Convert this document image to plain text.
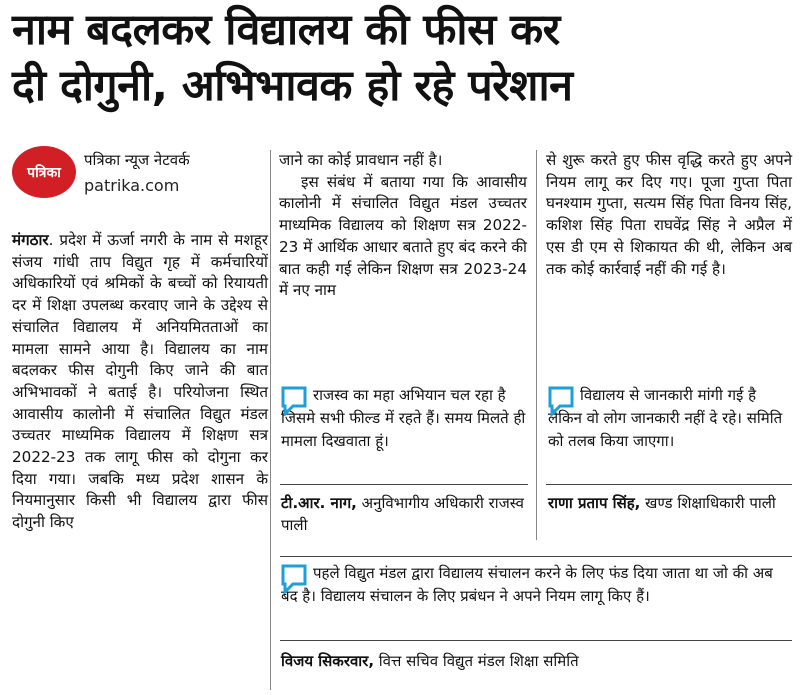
नाम बदलकर विद्यालय की फीस कर
दी दोगुनी, अभिभावक हो रहे परेशान
पत्रिका
पत्रिका न्यूज नेटवर्क
patrika.com
मंगठार. प्रदेश में ऊर्जा नगरी के नाम से मशहूर संजय गांधी ताप विद्युत गृह में कर्मचारियों अधिकारियों एवं श्रमिकों के बच्चों को रियायती दर में शिक्षा उपलब्ध करवाए जाने के उद्देश्य से संचालित विद्यालय में अनियमितताओं का मामला सामने आया है। विद्यालय का नाम बदलकर फीस दोगुनी किए जाने की बात अभिभावकों ने बताई है। परियोजना स्थित आवासीय कालोनी में संचालित विद्युत मंडल उच्चतर माध्यमिक विद्यालय में शिक्षण सत्र 2022-23 तक लागू फीस को दोगुना कर दिया गया। जबकि मध्य प्रदेश शासन के नियमानुसार किसी भी विद्यालय द्वारा फीस दोगुनी किए
जाने का कोई प्रावधान नहीं है।
इस संबंध में बताया गया कि आवासीय कालोनी में संचालित विद्युत मंडल उच्चतर माध्यमिक विद्यालय को शिक्षण सत्र 2022-23 में आर्थिक आधार बताते हुए बंद करने की बात कही गई लेकिन शिक्षण सत्र 2023-24 में नए नाम
से शुरू करते हुए फीस वृद्धि करते हुए अपने नियम लागू कर दिए गए। पूजा गुप्ता पिता घनश्याम गुप्ता, सत्यम सिंह पिता विनय सिंह, कशिश सिंह पिता राघवेंद्र सिंह ने अप्रैल में एस डी एम से शिकायत की थी, लेकिन अब तक कोई कार्रवाई नहीं की गई है।
राजस्व का महा अभियान चल रहा है जिसमे सभी फील्ड में रहते हैं। समय मिलते ही मामला दिखवाता हूं।
टी.आर. नाग, अनुविभागीय अधिकारी राजस्व पाली
विद्यालय से जानकारी मांगी गई है लेकिन वो लोग जानकारी नहीं दे रहे। समिति को तलब किया जाएगा।
राणा प्रताप सिंह, खण्ड शिक्षाधिकारी पाली
पहले विद्युत मंडल द्वारा विद्यालय संचालन करने के लिए फंड दिया जाता था जो की अब बंद है। विद्यालय संचालन के लिए प्रबंधन ने अपने नियम लागू किए हैं।
विजय सिकरवार, वित्त सचिव विद्युत मंडल शिक्षा समिति
